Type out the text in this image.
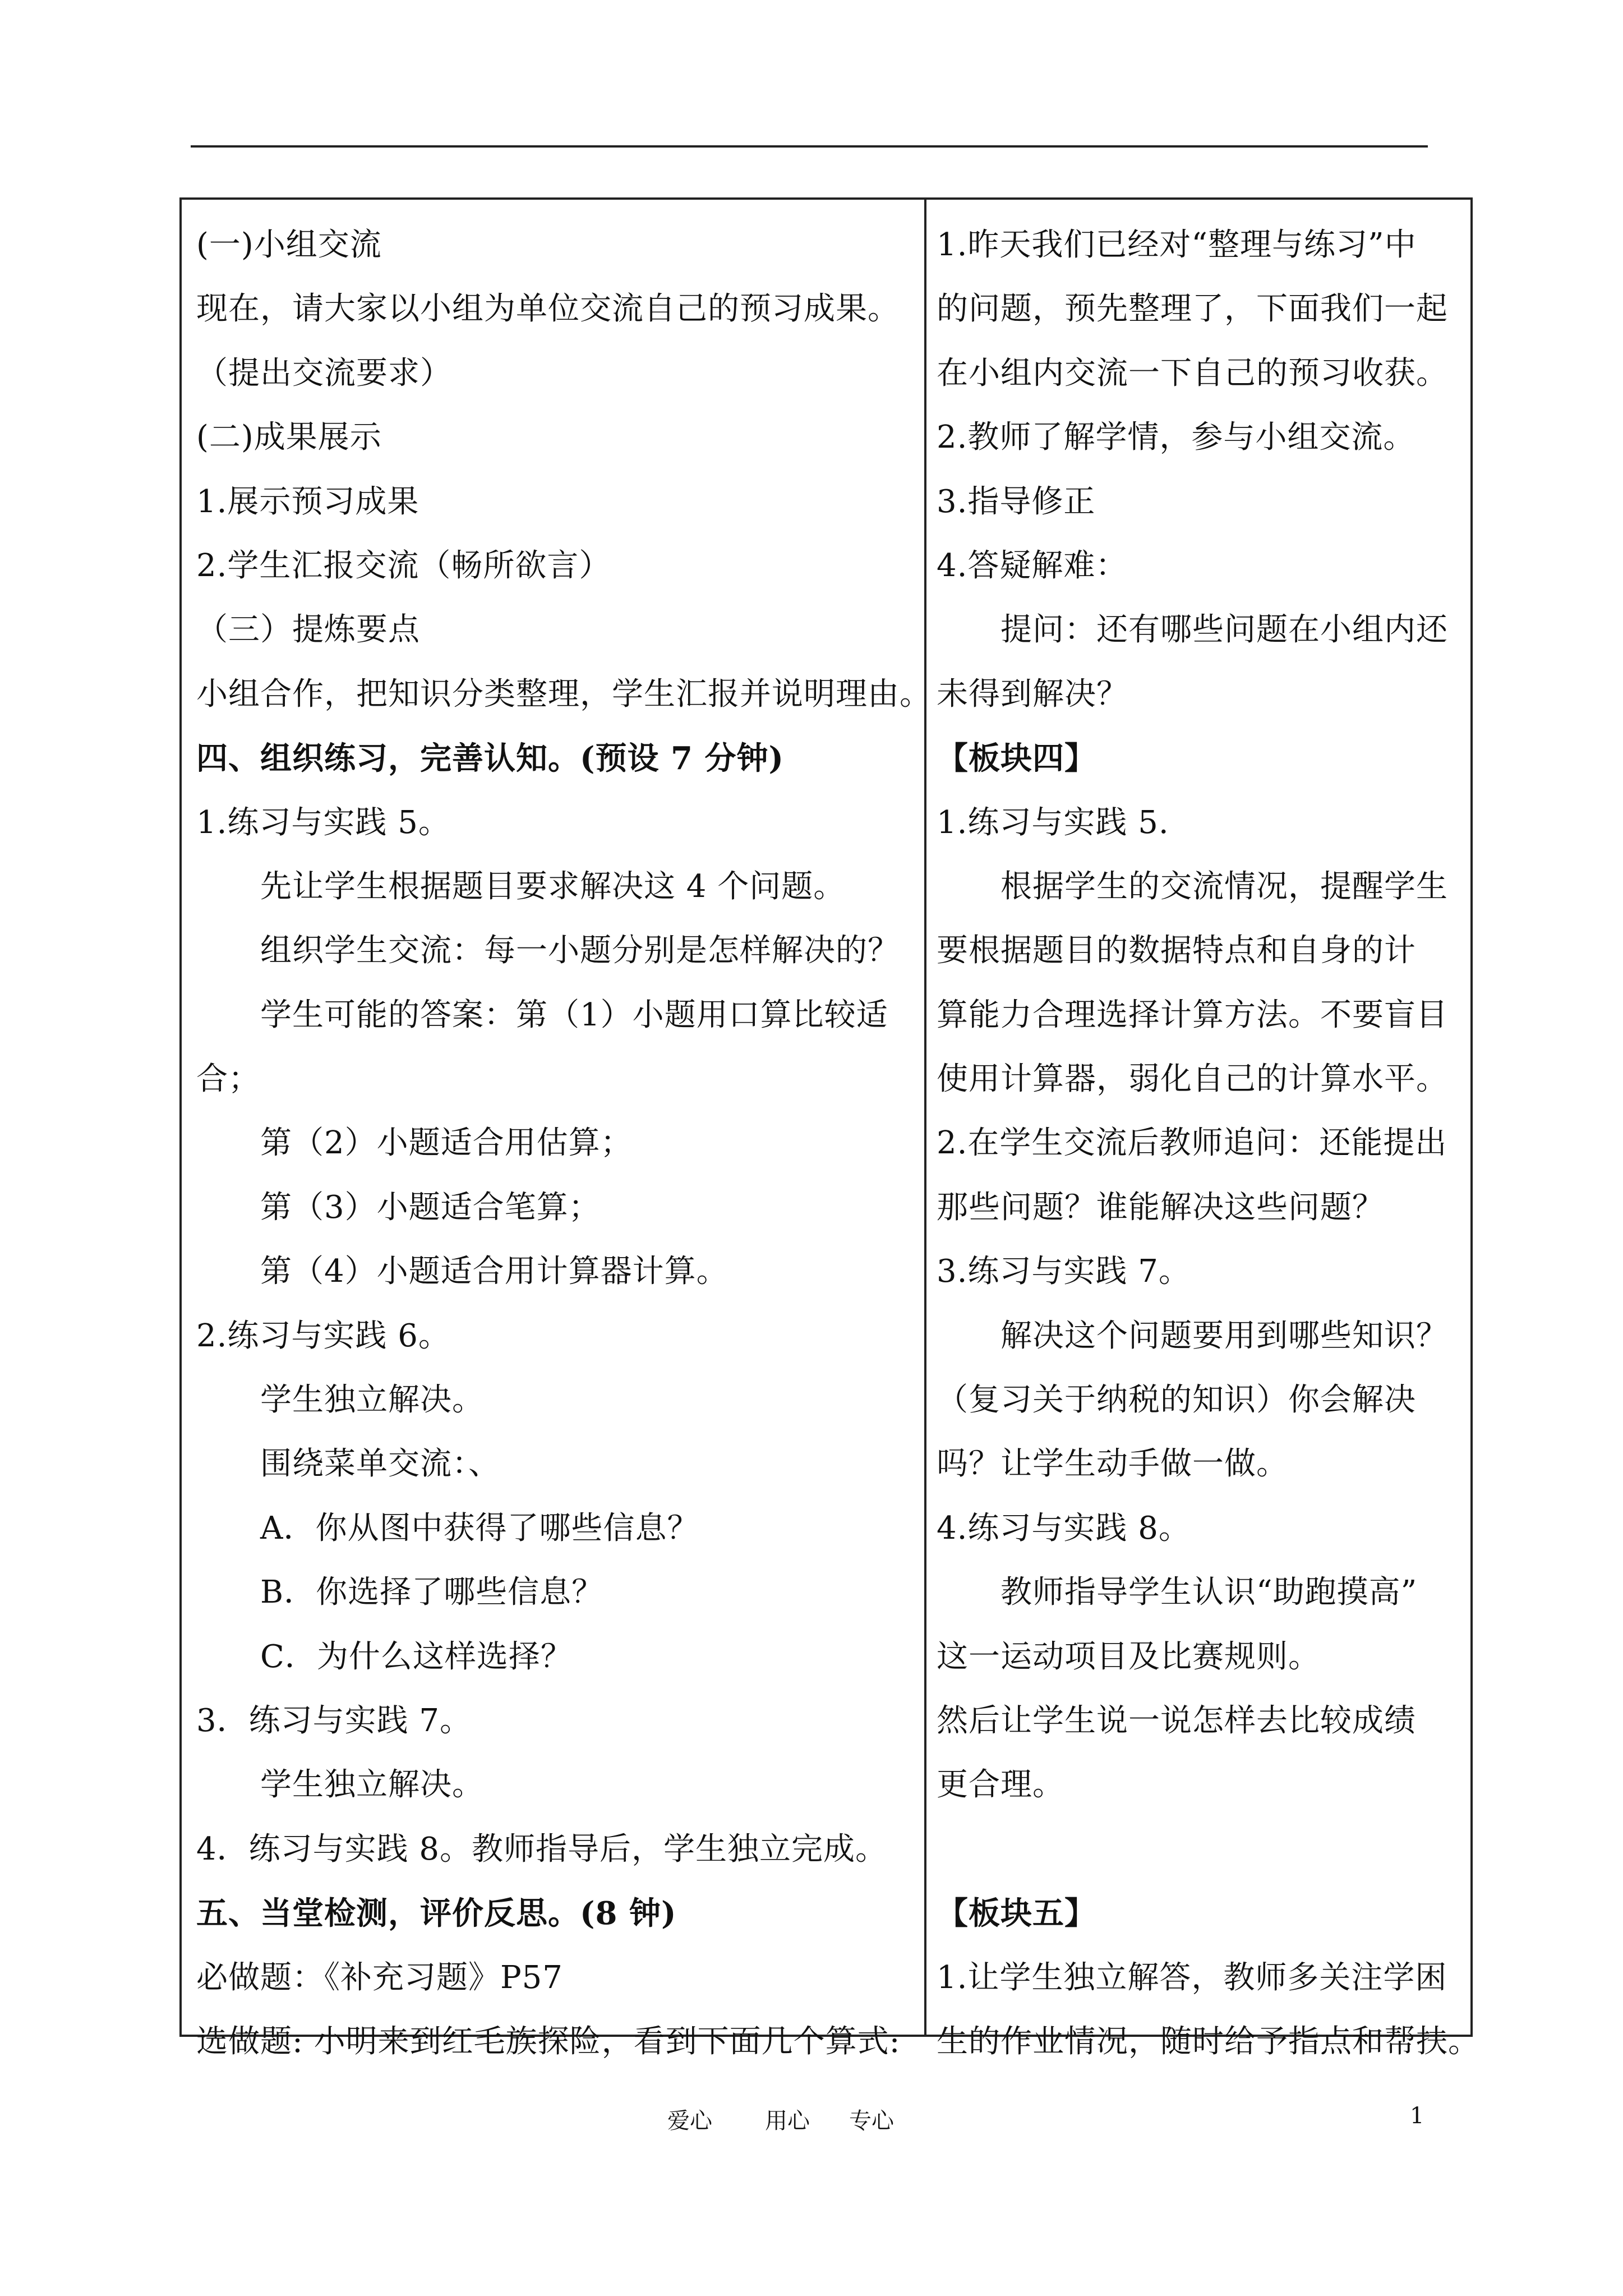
(一)小组交流
现在，请大家以小组为单位交流自己的预习成果。
（提出交流要求）
(二)成果展示
1.展示预习成果
2.学生汇报交流（畅所欲言）
（三）提炼要点
小组合作，把知识分类整理，学生汇报并说明理由。
四、组织练习，完善认知。(预设 7 分钟)
1.练习与实践 5。
先让学生根据题目要求解决这 4 个问题。
组织学生交流：每一小题分别是怎样解决的？
学生可能的答案：第（1）小题用口算比较适
合；
第（2）小题适合用估算；
第（3）小题适合笔算；
第（4）小题适合用计算器计算。
2.练习与实践 6。
学生独立解决。
围绕菜单交流：、
A．你从图中获得了哪些信息？
B．你选择了哪些信息？
C．为什么这样选择？
3．练习与实践 7。
学生独立解决。
4．练习与实践 8。教师指导后，学生独立完成。
五、当堂检测，评价反思。(8 钟)
必做题：《补充习题》P57
选做题: 小明来到红毛族探险，看到下面几个算式:
1.昨天我们已经对“整理与练习”中
的问题，预先整理了，下面我们一起
在小组内交流一下自己的预习收获。
2.教师了解学情，参与小组交流。
3.指导修正
4.答疑解难：
提问：还有哪些问题在小组内还
未得到解决？
【板块四】
1.练习与实践 5.
根据学生的交流情况，提醒学生
要根据题目的数据特点和自身的计
算能力合理选择计算方法。不要盲目
使用计算器，弱化自己的计算水平。
2.在学生交流后教师追问：还能提出
那些问题？谁能解决这些问题？
3.练习与实践 7。
解决这个问题要用到哪些知识？
（复习关于纳税的知识）你会解决
吗？让学生动手做一做。
4.练习与实践 8。
教师指导学生认识“助跑摸高”
这一运动项目及比赛规则。
然后让学生说一说怎样去比较成绩
更合理。
【板块五】
1.让学生独立解答，教师多关注学困
生的作业情况，随时给予指点和帮扶。
爱心 用心 专心	1
